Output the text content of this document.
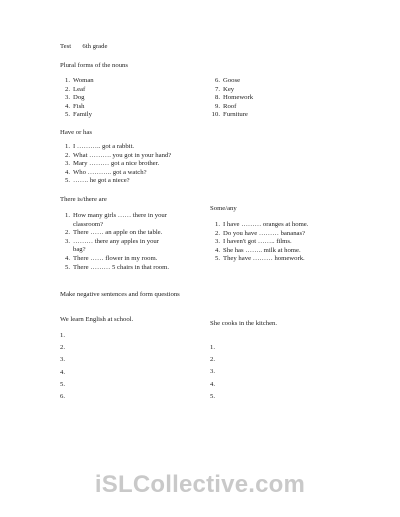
Test 6th grade
Plural forms of the nouns
1. Woman
2. Leaf
3. Dog
4. Fish
5. Family
6. Goose
7. Key
8. Homework
9. Roof
10. Furniture
Have or has
1. I ……….. got a rabbit.
2. What ………. you got in your hand?
3. Mary ……… got a nice brother.
4. Who ……….. got a watch?
5. ……. he got a niece?
There is/there are
1. How many girls …… there in your
classroom?
2. There …… an apple on the table.
3. ……… there any apples in your
bag?
4. There …… flower in my room.
5. There ……… 5 chairs in that room.
Some/any
1. I have ……… oranges at home.
2. Do you have ……… bananas?
3. I haven't got …….. films.
4. She has …….. milk at home.
5. They have ……… homework.
Make negative sentences and form questions
We learn English at school.
1.
2.
3.
4.
5.
6.
She cooks in the kitchen.
1.
2.
3.
4.
5.
iSLCollective.com
